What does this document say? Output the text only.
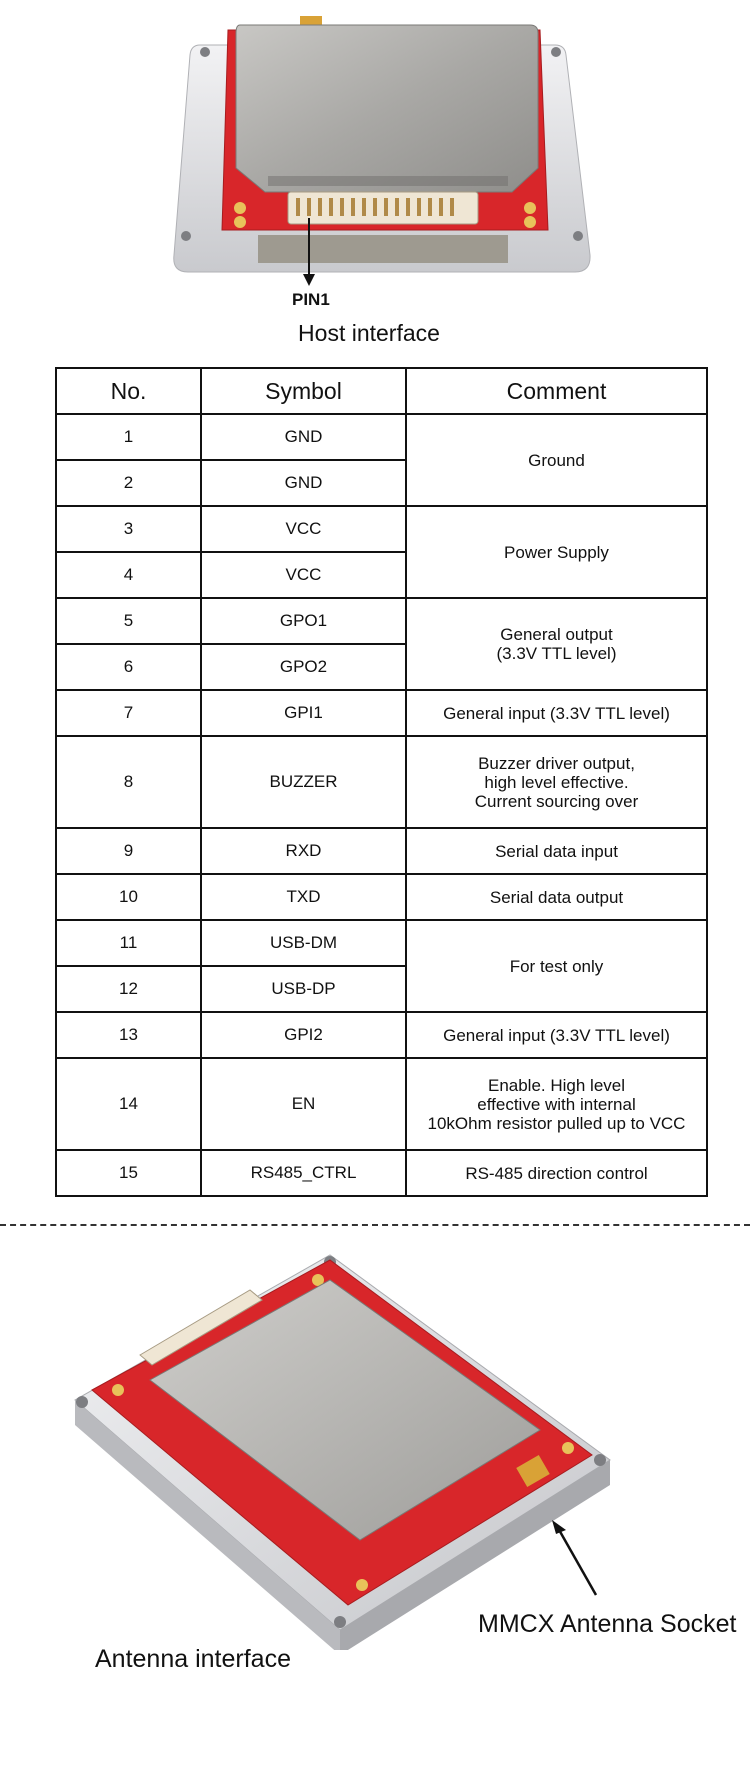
PIN1
Host interface
No.	Symbol	Comment
1	GND	Ground
2	GND	
3	VCC	Power Supply
4	VCC	
5	GPO1	General output
(3.3V TTL level)

6	GPO2	
7	GPI1	General input (3.3V TTL level)
8	BUZZER	Buzzer driver output,
high level effective.
Current sourcing over

9	RXD	Serial data input
10	TXD	Serial data output
11	USB-DM	For test only
12	USB-DP	
13	GPI2	General input (3.3V TTL level)
14	EN	Enable. High level
effective with internal
10kOhm resistor pulled up to VCC

15	RS485_CTRL	RS-485 direction control
MMCX Antenna Socket
Antenna interface
